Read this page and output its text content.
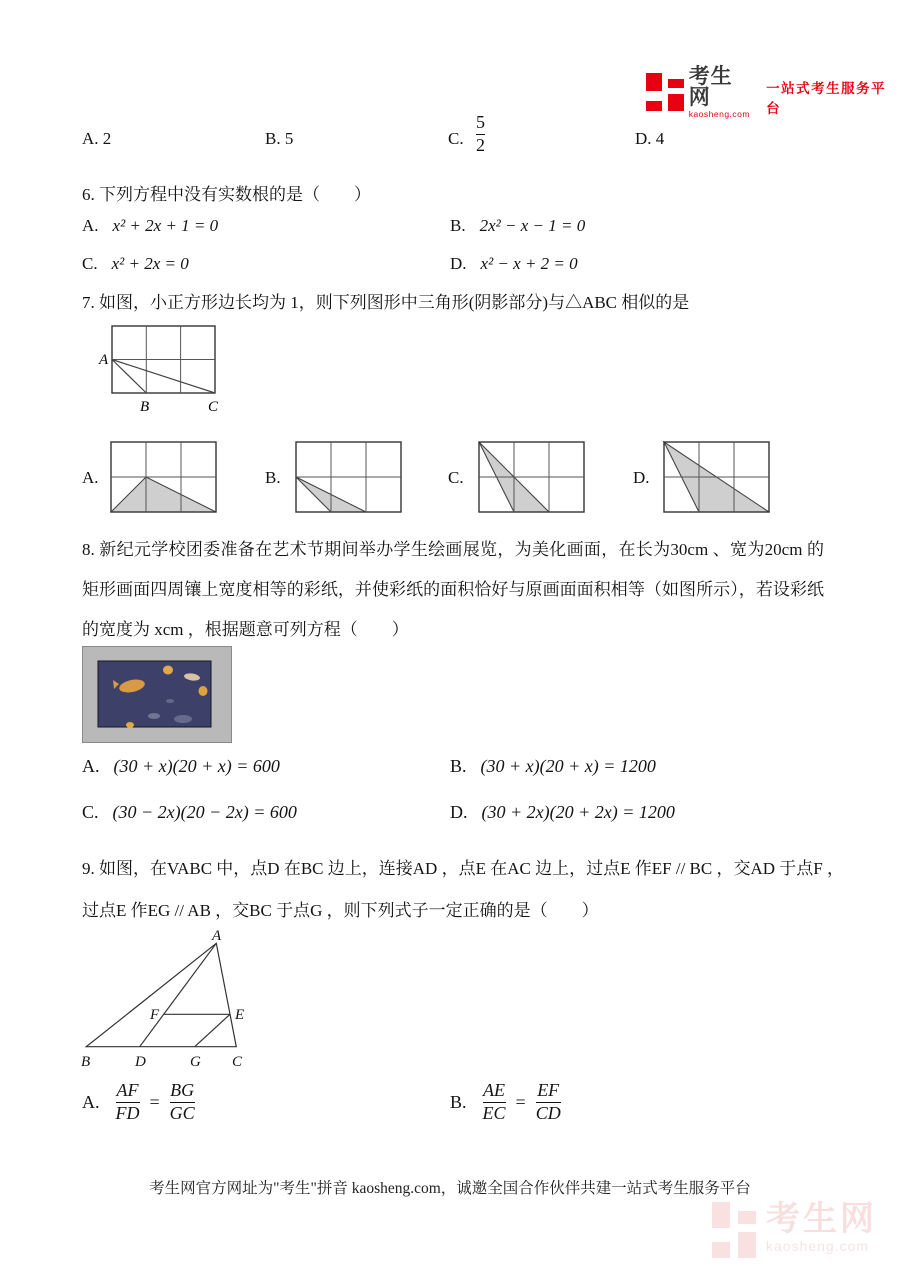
考生网
kaosheng.com
一站式考生服务平台
A. 2	B. 5	C. $\frac{5}{2}$	D. 4
6. 下列方程中没有实数根的是（　　）
A. x² + 2x + 1 = 0	B. 2x² − x − 1 = 0
C. x² + 2x = 0	D. x² − x + 2 = 0
7. 如图，小正方形边长均为 1，则下列图形中三角形(阴影部分)与△ABC 相似的是
A
B	C
A.	B.	C.	D.
8. 新纪元学校团委准备在艺术节期间举办学生绘画展览，为美化画面，在长为30cm 、宽为20cm 的矩形画面四周镶上宽度相等的彩纸，并使彩纸的面积恰好与原画面面积相等（如图所示），若设彩纸的宽度为 xcm ，根据题意可列方程（　　）
A. (30 + x)(20 + x) = 600	B. (30 + x)(20 + x) = 1200
C. (30 − 2x)(20 − 2x) = 600	D. (30 + 2x)(20 + 2x) = 1200
9. 如图，在VABC 中，点D 在BC 边上，连接AD ，点E 在AC 边上，过点E 作EF // BC ，交AD 于点F ，过点E 作EG // AB ，交BC 于点G ，则下列式子一定正确的是（　　）
A
B	D	G C
F	E
A. $\frac{AF}{FD} = \frac{BG}{GC}$	B. $\frac{AE}{EC} = \frac{EF}{CD}$
考生网官方网址为"考生"拼音 kaosheng.com，诚邀全国合作伙伴共建一站式考生服务平台
考生网
kaosheng.com
